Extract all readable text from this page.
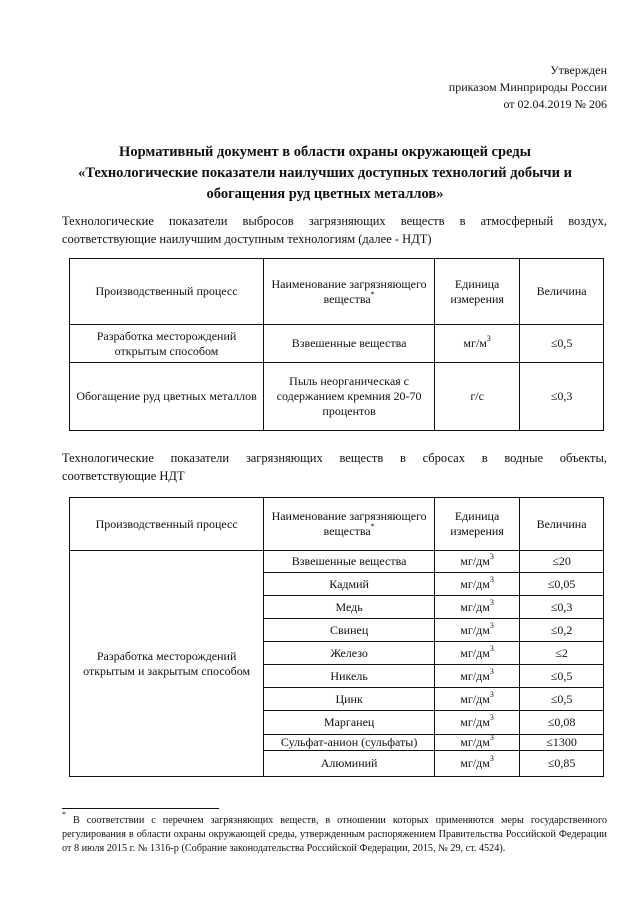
Утвержден
приказом Минприроды России
от 02.04.2019 № 206
Нормативный документ в области охраны окружающей среды
«Технологические показатели наилучших доступных технологий добычи и
обогащения руд цветных металлов»
Технологические показатели выбросов загрязняющих веществ в атмосферный воздух,
соответствующие наилучшим доступным технологиям (далее - НДТ)
Производственный процесс	Наименование загрязняющего вещества*	Единица измерения	Величина
Разработка месторождений открытым способом	Взвешенные вещества	$мг/м^3$	≤0,5
Обогащение руд цветных металлов	Пыль неорганическая с содержанием кремния 20-70 процентов	г/с	≤0,3
Технологические показатели загрязняющих веществ в сбросах в водные объекты,
соответствующие НДТ
Производственный процесс	Наименование загрязняющего вещества*	Единица измерения	Величина
Разработка месторождений открытым и закрытым способом	Взвешенные вещества	$мг/дм^3$	≤20
	Кадмий	$мг/дм^3$	≤0,05
	Медь	$мг/дм^3$	≤0,3
	Свинец	$мг/дм^3$	≤0,2
	Железо	$мг/дм^3$	≤2
	Никель	$мг/дм^3$	≤0,5
	Цинк	$мг/дм^3$	≤0,5
	Марганец	$мг/дм^3$	≤0,08
	Сульфат-анион (сульфаты)	$мг/дм^3$	≤1300
	Алюминий	$мг/дм^3$	≤0,85
* В соответствии с перечнем загрязняющих веществ, в отношении которых применяются меры государственного регулирования в области охраны окружающей среды, утвержденным распоряжением Правительства Российской Федерации от 8 июля 2015 г. № 1316-р (Собрание законодательства Российской Федерации, 2015, № 29, ст. 4524).
